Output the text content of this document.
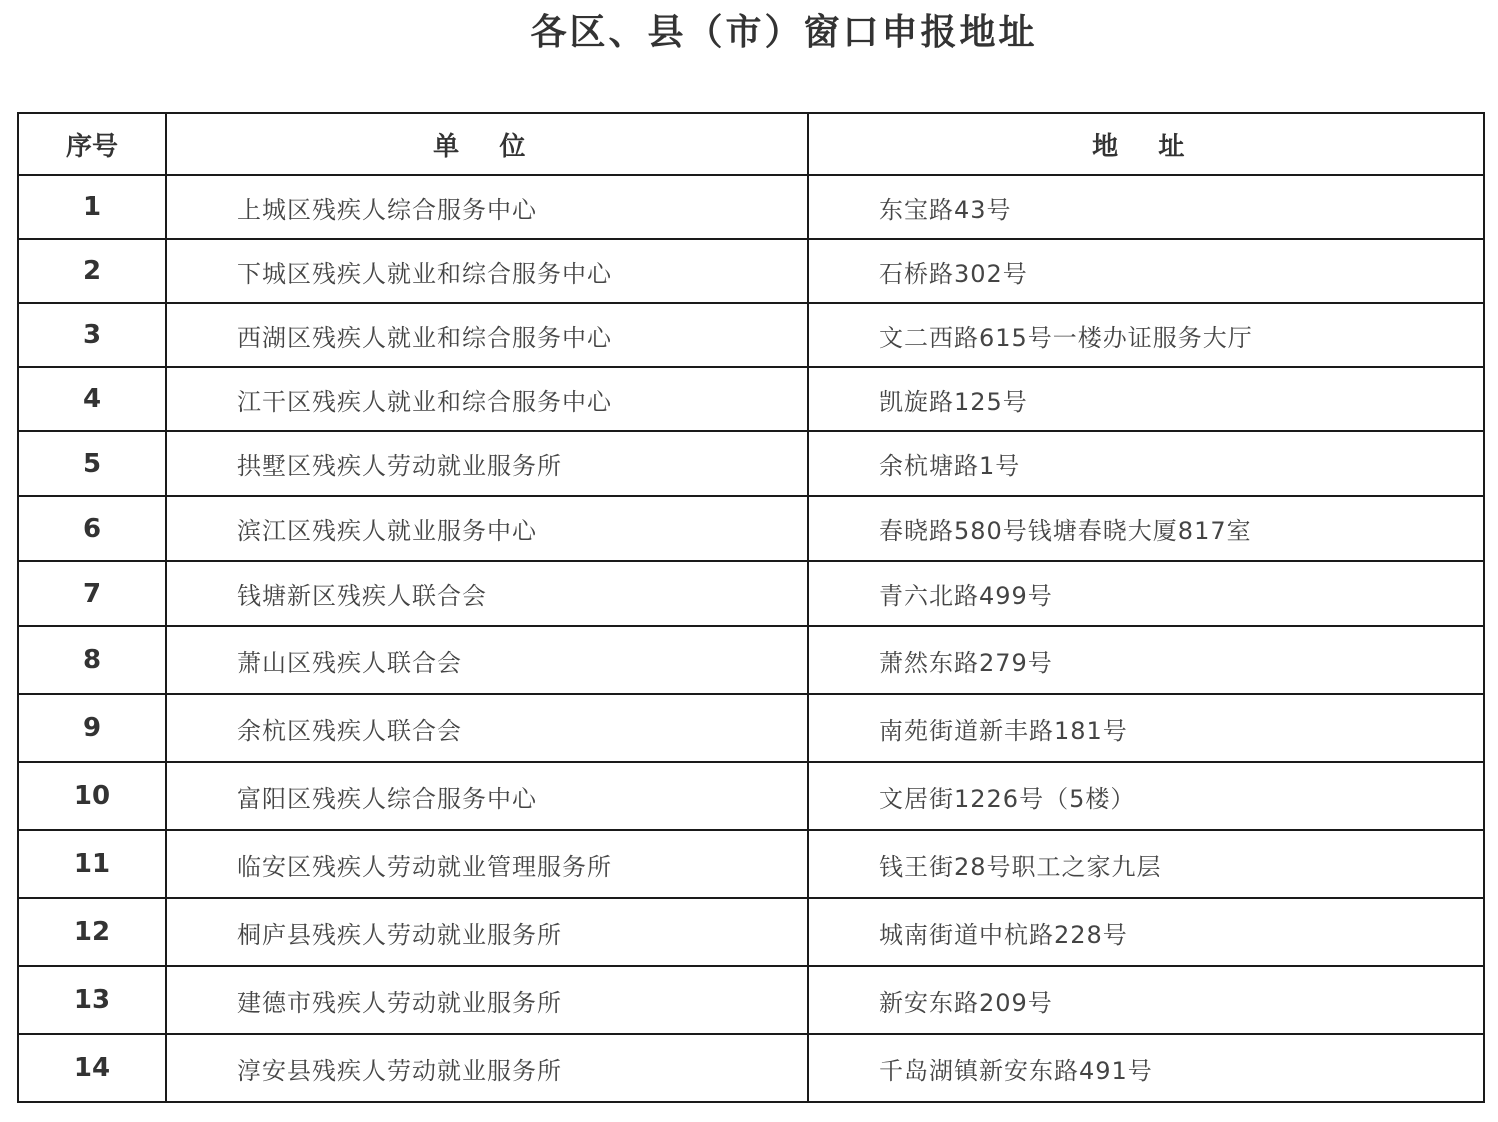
各区、县（市）窗口申报地址
序号	单 位	地 址
1	上城区残疾人综合服务中心	东宝路43号
2	下城区残疾人就业和综合服务中心	石桥路302号
3	西湖区残疾人就业和综合服务中心	文二西路615号一楼办证服务大厅
4	江干区残疾人就业和综合服务中心	凯旋路125号
5	拱墅区残疾人劳动就业服务所	余杭塘路1号
6	滨江区残疾人就业服务中心	春晓路580号钱塘春晓大厦817室
7	钱塘新区残疾人联合会	青六北路499号
8	萧山区残疾人联合会	萧然东路279号
9	余杭区残疾人联合会	南苑街道新丰路181号
10	富阳区残疾人综合服务中心	文居街1226号（5楼）
11	临安区残疾人劳动就业管理服务所	钱王街28号职工之家九层
12	桐庐县残疾人劳动就业服务所	城南街道中杭路228号
13	建德市残疾人劳动就业服务所	新安东路209号
14	淳安县残疾人劳动就业服务所	千岛湖镇新安东路491号
